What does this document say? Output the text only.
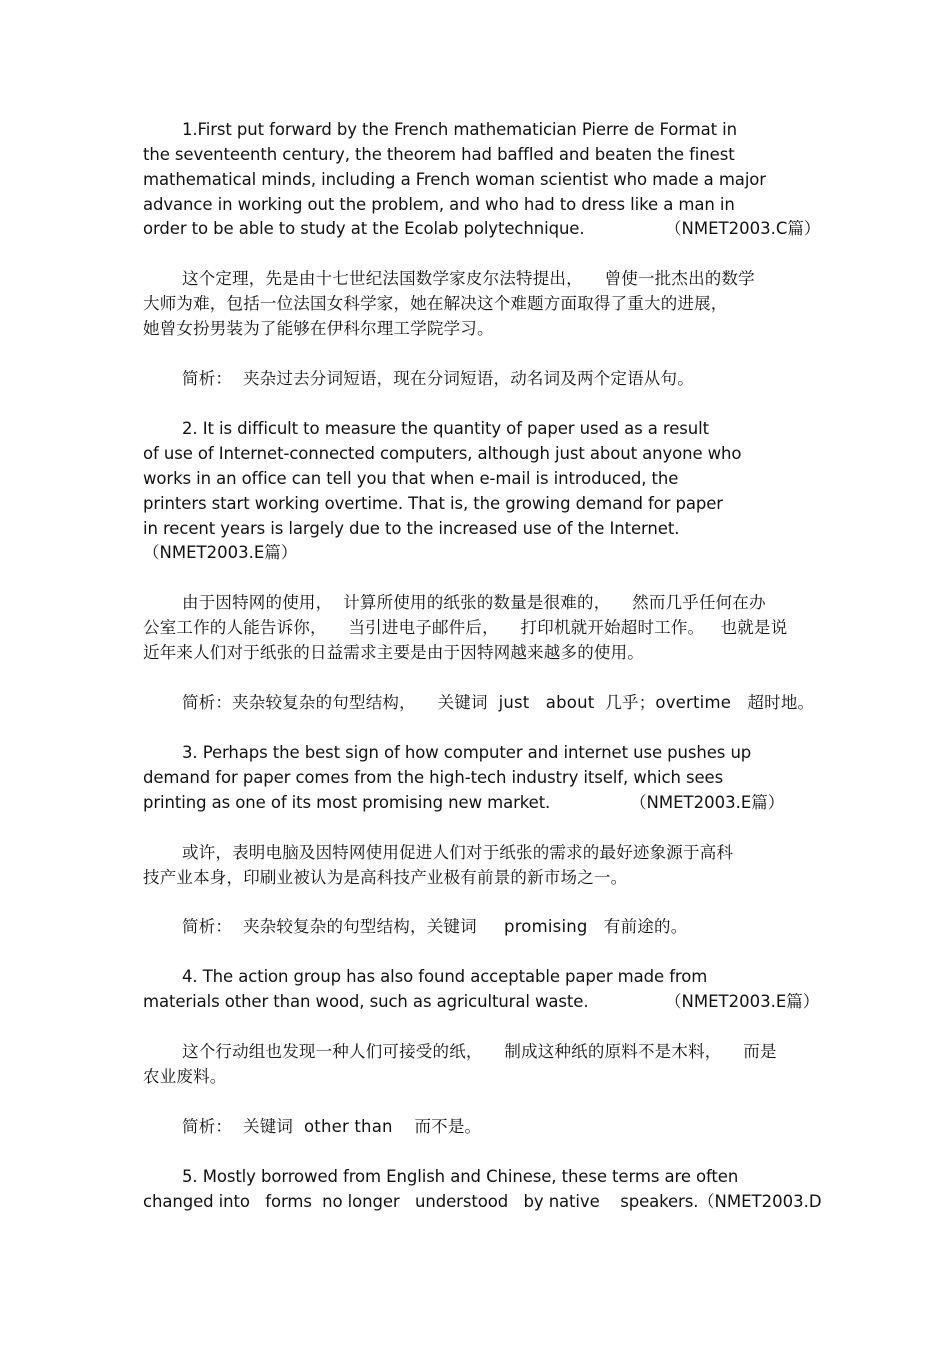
1.First put forward by the French mathematician Pierre de Format in
the seventeenth century, the theorem had baffled and beaten the finest
mathematical minds, including a French woman scientist who made a major
advance in working out the problem, and who had to dress like a man in
order to be able to study at the Ecolab polytechnique.	（NMET2003.C篇）
这个定理，先是由十七世纪法国数学家皮尔法特提出，    曾使一批杰出的数学
大师为难，包括一位法国女科学家，她在解决这个难题方面取得了重大的进展，
她曾女扮男装为了能够在伊科尔理工学院学习。
简析：  夹杂过去分词短语，现在分词短语，动名词及两个定语从句。
2. It is difficult to measure the quantity of paper used as a result
of use of Internet-connected computers, although just about anyone who
works in an office can tell you that when e-mail is introduced, the
printers start working overtime. That is, the growing demand for paper
in recent years is largely due to the increased use of the Internet.
（NMET2003.E篇）
由于因特网的使用，  计算所使用的纸张的数量是很难的，    然而几乎任何在办
公室工作的人能告诉你，    当引进电子邮件后，    打印机就开始超时工作。   也就是说
近年来人们对于纸张的日益需求主要是由于因特网越来越多的使用。
简析：夹杂较复杂的句型结构，    关键词  just   about  几乎；overtime   超时地。
3. Perhaps the best sign of how computer and internet use pushes up
demand for paper comes from the high-tech industry itself, which sees
printing as one of its most promising new market.	（NMET2003.E篇）
或许，表明电脑及因特网使用促进人们对于纸张的需求的最好迹象源于高科
技产业本身，印刷业被认为是高科技产业极有前景的新市场之一。
简析：  夹杂较复杂的句型结构，关键词     promising   有前途的。
4. The action group has also found acceptable paper made from
materials other than wood, such as agricultural waste.	（NMET2003.E篇）
这个行动组也发现一种人们可接受的纸，    制成这种纸的原料不是木料，    而是
农业废料。
简析：  关键词  other than    而不是。
5. Mostly borrowed from English and Chinese, these terms are often
changed into   forms  no longer   understood   by native    speakers. （NMET2003.D
